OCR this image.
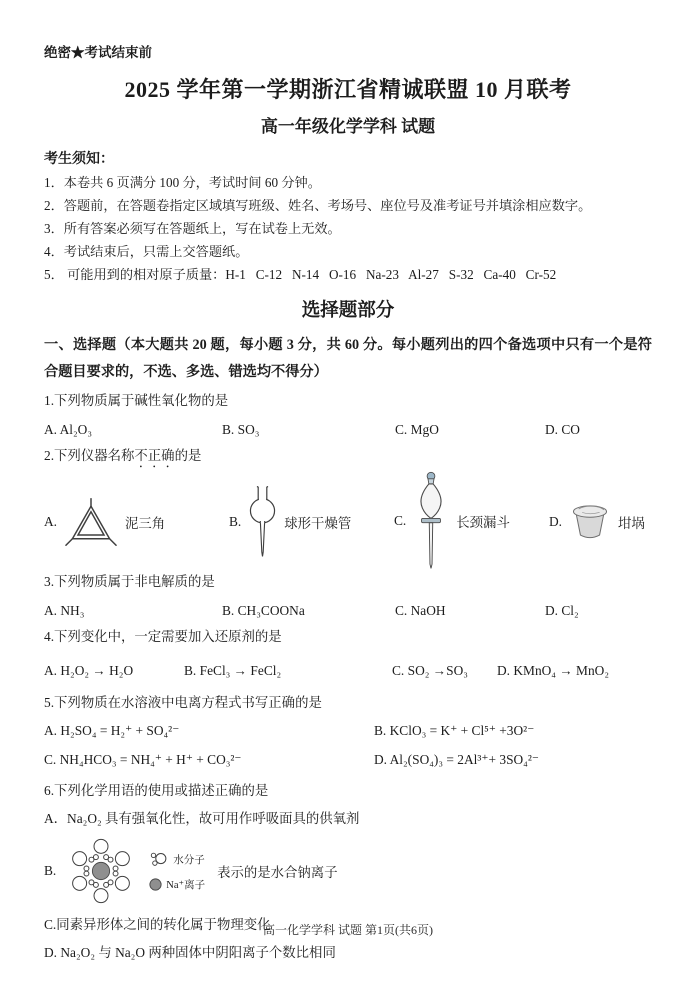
绝密★考试结束前
2025 学年第一学期浙江省精诚联盟 10 月联考
高一年级化学学科 试题
考生须知：
1．本卷共 6 页满分 100 分，考试时间 60 分钟。
2．答题前，在答题卷指定区域填写班级、姓名、考场号、座位号及准考证号并填涂相应数字。
3．所有答案必须写在答题纸上，写在试卷上无效。
4．考试结束后，只需上交答题纸。
5． 可能用到的相对原子质量：H-1   C-12   N-14   O-16   Na-23   Al-27   S-32   Ca-40   Cr-52
选择题部分
一、选择题（本大题共 20 题，每小题 3 分，共 60 分。每小题列出的四个备选项中只有一个是符合题目要求的，不选、多选、错选均不得分）
1.下列物质属于碱性氧化物的是
A. Al₂O₃	B. SO₃	C. MgO	D. CO
2.下列仪器名称不正确的是
A.	泥三角	B.	球形干燥管	C.	长颈漏斗	D.	坩埚
3.下列物质属于非电解质的是
A. NH₃	B. CH₃COONa	C. NaOH	D. Cl₂
4.下列变化中，一定需要加入还原剂的是
A. H₂O₂ → H₂O	B. FeCl₃ → FeCl₂	C. SO₂ →SO₃	D. KMnO₄ → MnO₂
5.下列物质在水溶液中电离方程式书写正确的是
A. H₂SO₄ = H₂⁺ + SO₄²⁻	B. KClO₃ = K⁺ + Cl⁵⁺ +3O²⁻
C. NH₄HCO₃ = NH₄⁺ + H⁺ + CO₃²⁻	D. Al₂(SO₄)₃ = 2Al³⁺+ 3SO₄²⁻
6.下列化学用语的使用或描述正确的是
A．Na₂O₂ 具有强氧化性，故可用作呼吸面具的供氧剂
B.
水分子
Na⁺离子
表示的是水合钠离子
C.同素异形体之间的转化属于物理变化
D. Na₂O₂ 与 Na₂O 两种固体中阴阳离子个数比相同
高一化学学科 试题 第1页(共6页)
